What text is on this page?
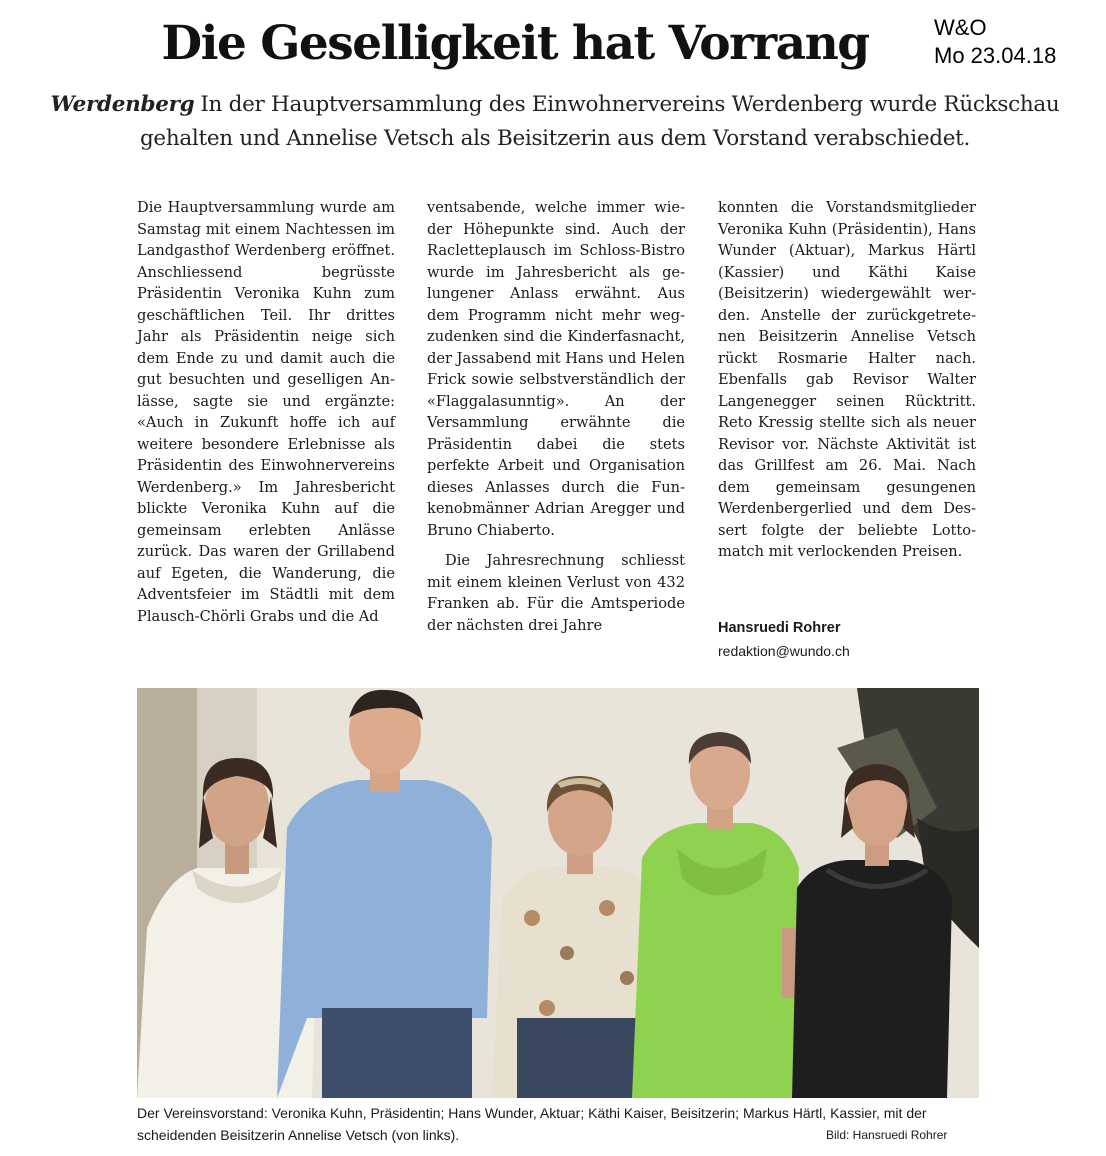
Die Geselligkeit hat Vorrang	W&O
Mo 23.04.18

Werdenberg In der Hauptversammlung des Einwohnervereins Werdenberg wurde Rückschau gehalten und Annelise Vetsch als Beisitzerin aus dem Vorstand verabschiedet.

Die Hauptversammlung wurde am Samstag mit einem Nachtessen im Landgasthof Werdenberg eröffnet. Anschliessend begrüsste Präsidentin Veronika Kuhn zum geschäftlichen Teil. Ihr drittes Jahr als Präsidentin neige sich dem Ende zu und damit auch die gut besuchten und geselligen Anlässe, sagte sie und ergänzte: «Auch in Zukunft hoffe ich auf weitere besondere Erlebnisse als Präsidentin des Einwohnervereins Werdenberg.» Im Jahresbericht blickte Veronika Kuhn auf die gemeinsam erlebten Anlässe zurück. Das waren der Grillabend auf Egeten, die Wanderung, die Adventsfeier im Städtli mit dem Plausch-Chörli Grabs und die Ad

ventsabende, welche immer wieder Höhepunkte sind. Auch der Racletteplausch im Schloss-Bistro wurde im Jahresbericht als gelungener Anlass erwähnt. Aus dem Programm nicht mehr wegzudenken sind die Kinderfasnacht, der Jassabend mit Hans und Helen Frick sowie selbstverständlich der «Flaggalasunntig». An der Versammlung erwähnte die Präsidentin dabei die stets perfekte Arbeit und Organisation dieses Anlasses durch die Funkenobmänner Adrian Aregger und Bruno Chiaberto.

Die Jahresrechnung schliesst mit einem kleinen Verlust von 432 Franken ab. Für die Amtsperiode der nächsten drei Jahre

konnten die Vorstandsmitglieder Veronika Kuhn (Präsidentin), Hans Wunder (Aktuar), Markus Härtl (Kassier) und Käthi Kaise (Beisitzerin) wiedergewählt werden. Anstelle der zurückgetretenen Beisitzerin Annelise Vetsch rückt Rosmarie Halter nach. Ebenfalls gab Revisor Walter Langenegger seinen Rücktritt. Reto Kressig stellte sich als neuer Revisor vor. Nächste Aktivität ist das Grillfest am 26. Mai. Nach dem gemeinsam gesungenen Werdenbergerlied und dem Dessert folgte der beliebte Lottomatch mit verlockenden Preisen.

Hansruedi Rohrer
redaktion@wundo.ch
Der Vereinsvorstand: Veronika Kuhn, Präsidentin; Hans Wunder, Aktuar; Käthi Kaiser, Beisitzerin; Markus Härtl, Kassier, mit der scheidenden Beisitzerin Annelise Vetsch (von links).	Bild: Hansruedi Rohrer
